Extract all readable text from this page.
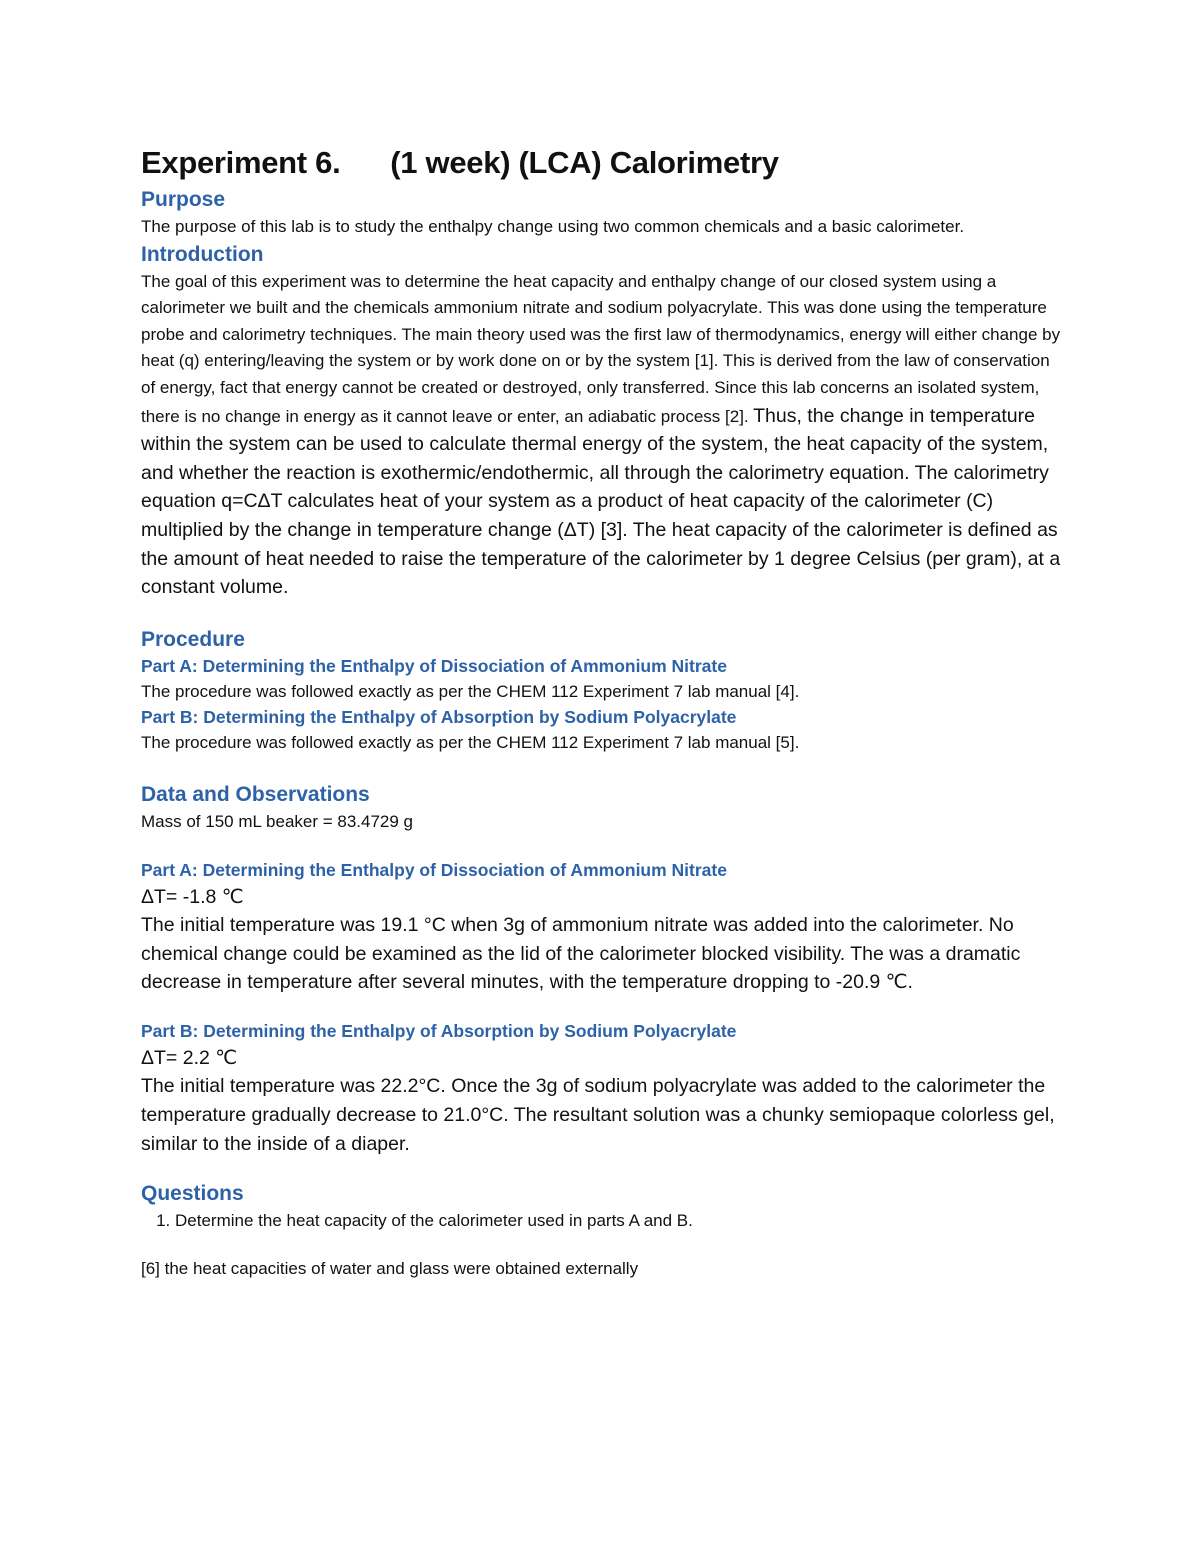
Experiment 6.      (1 week) (LCA) Calorimetry
Purpose

The purpose of this lab is to study the enthalpy change using two common chemicals and a basic calorimeter.

Introduction

The goal of this experiment was to determine the heat capacity and enthalpy change of our closed system using a calorimeter we built and the chemicals ammonium nitrate and sodium polyacrylate. This was done using the temperature probe and calorimetry techniques. The main theory used was the first law of thermodynamics, energy will either change by heat (q) entering/leaving the system or by work done on or by the system [1]. This is derived from the law of conservation of energy, fact that energy cannot be created or destroyed, only transferred. Since this lab concerns an isolated system, there is no change in energy as it cannot leave or enter, an adiabatic process [2]. Thus, the change in temperature within the system can be used to calculate thermal energy of the system, the heat capacity of the system, and whether the reaction is exothermic/endothermic, all through the calorimetry equation. The calorimetry equation q=CΔT calculates heat of your system as a product of heat capacity of the calorimeter (C) multiplied by the change in temperature change (ΔT) [3]. The heat capacity of the calorimeter is defined as the amount of heat needed to raise the temperature of the calorimeter by 1 degree Celsius (per gram), at a constant volume.
Procedure
Part A: Determining the Enthalpy of Dissociation of Ammonium Nitrate

The procedure was followed exactly as per the CHEM 112 Experiment 7 lab manual [4].

Part B: Determining the Enthalpy of Absorption by Sodium Polyacrylate

The procedure was followed exactly as per the CHEM 112 Experiment 7 lab manual [5].

Data and Observations

Mass of 150 mL beaker = 83.4729 g

Part A: Determining the Enthalpy of Dissociation of Ammonium Nitrate

ΔT= -1.8 ℃

The initial temperature was 19.1 °C when 3g of ammonium nitrate was added into the calorimeter. No chemical change could be examined as the lid of the calorimeter blocked visibility. The was a dramatic decrease in temperature after several minutes, with the temperature dropping to -20.9 ℃.

Part B: Determining the Enthalpy of Absorption by Sodium Polyacrylate

ΔT= 2.2 ℃

The initial temperature was 22.2°C. Once the 3g of sodium polyacrylate was added to the calorimeter the temperature gradually decrease to 21.0°C. The resultant solution was a chunky semiopaque colorless gel, similar to the inside of a diaper.

Questions
1. Determine the heat capacity of the calorimeter used in parts A and B.

[6] the heat capacities of water and glass were obtained externally
